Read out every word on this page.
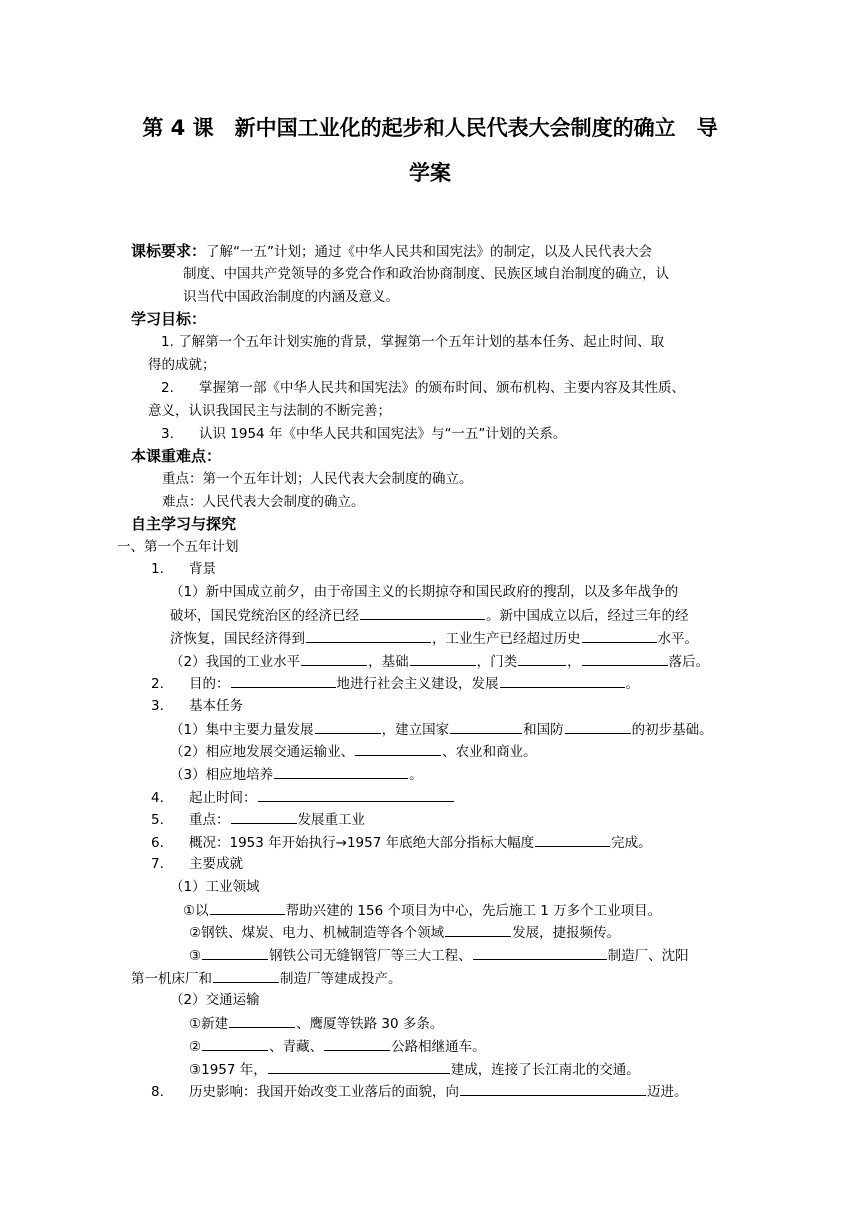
第 4 课　新中国工业化的起步和人民代表大会制度的确立　导
学案
课标要求：了解“一五”计划；通过《中华人民共和国宪法》的制定，以及人民代表大会
制度、中国共产党领导的多党合作和政治协商制度、民族区域自治制度的确立，认
识当代中国政治制度的内涵及意义。
学习目标：
1. 了解第一个五年计划实施的背景，掌握第一个五年计划的基本任务、起止时间、取
得的成就；
2. 掌握第一部《中华人民共和国宪法》的颁布时间、颁布机构、主要内容及其性质、
意义，认识我国民主与法制的不断完善；
3. 认识 1954 年《中华人民共和国宪法》与“一五”计划的关系。
本课重难点：
重点：第一个五年计划；人民代表大会制度的确立。
难点：人民代表大会制度的确立。
自主学习与探究
一、第一个五年计划
1. 背景
（1）新中国成立前夕，由于帝国主义的长期掠夺和国民政府的搜刮，以及多年战争的
破坏，国民党统治区的经济已经	。新中国成立以后，经过三年的经
济恢复，国民经济得到	，工业生产已经超过历史	水平。
（2）我国的工业水平	，基础	，门类	，	落后。
2. 目的：	地进行社会主义建设，发展	。
3. 基本任务
（1）集中主要力量发展	，建立国家	和国防	的初步基础。
（2）相应地发展交通运输业、	、农业和商业。
（3）相应地培养	。
4. 起止时间：
5. 重点：	发展重工业
6. 概况：1953 年开始执行→1957 年底绝大部分指标大幅度	完成。
7. 主要成就
（1）工业领域
①以	帮助兴建的 156 个项目为中心，先后施工 1 万多个工业项目。
②钢铁、煤炭、电力、机械制造等各个领域	发展，捷报频传。
③	钢铁公司无缝钢管厂等三大工程、	制造厂、沈阳
第一机床厂和	制造厂等建成投产。
（2）交通运输
①新建	、鹰厦等铁路 30 多条。
②	、青藏、	公路相继通车。
③1957 年，	建成，连接了长江南北的交通。
8. 历史影响：我国开始改变工业落后的面貌，向	迈进。
